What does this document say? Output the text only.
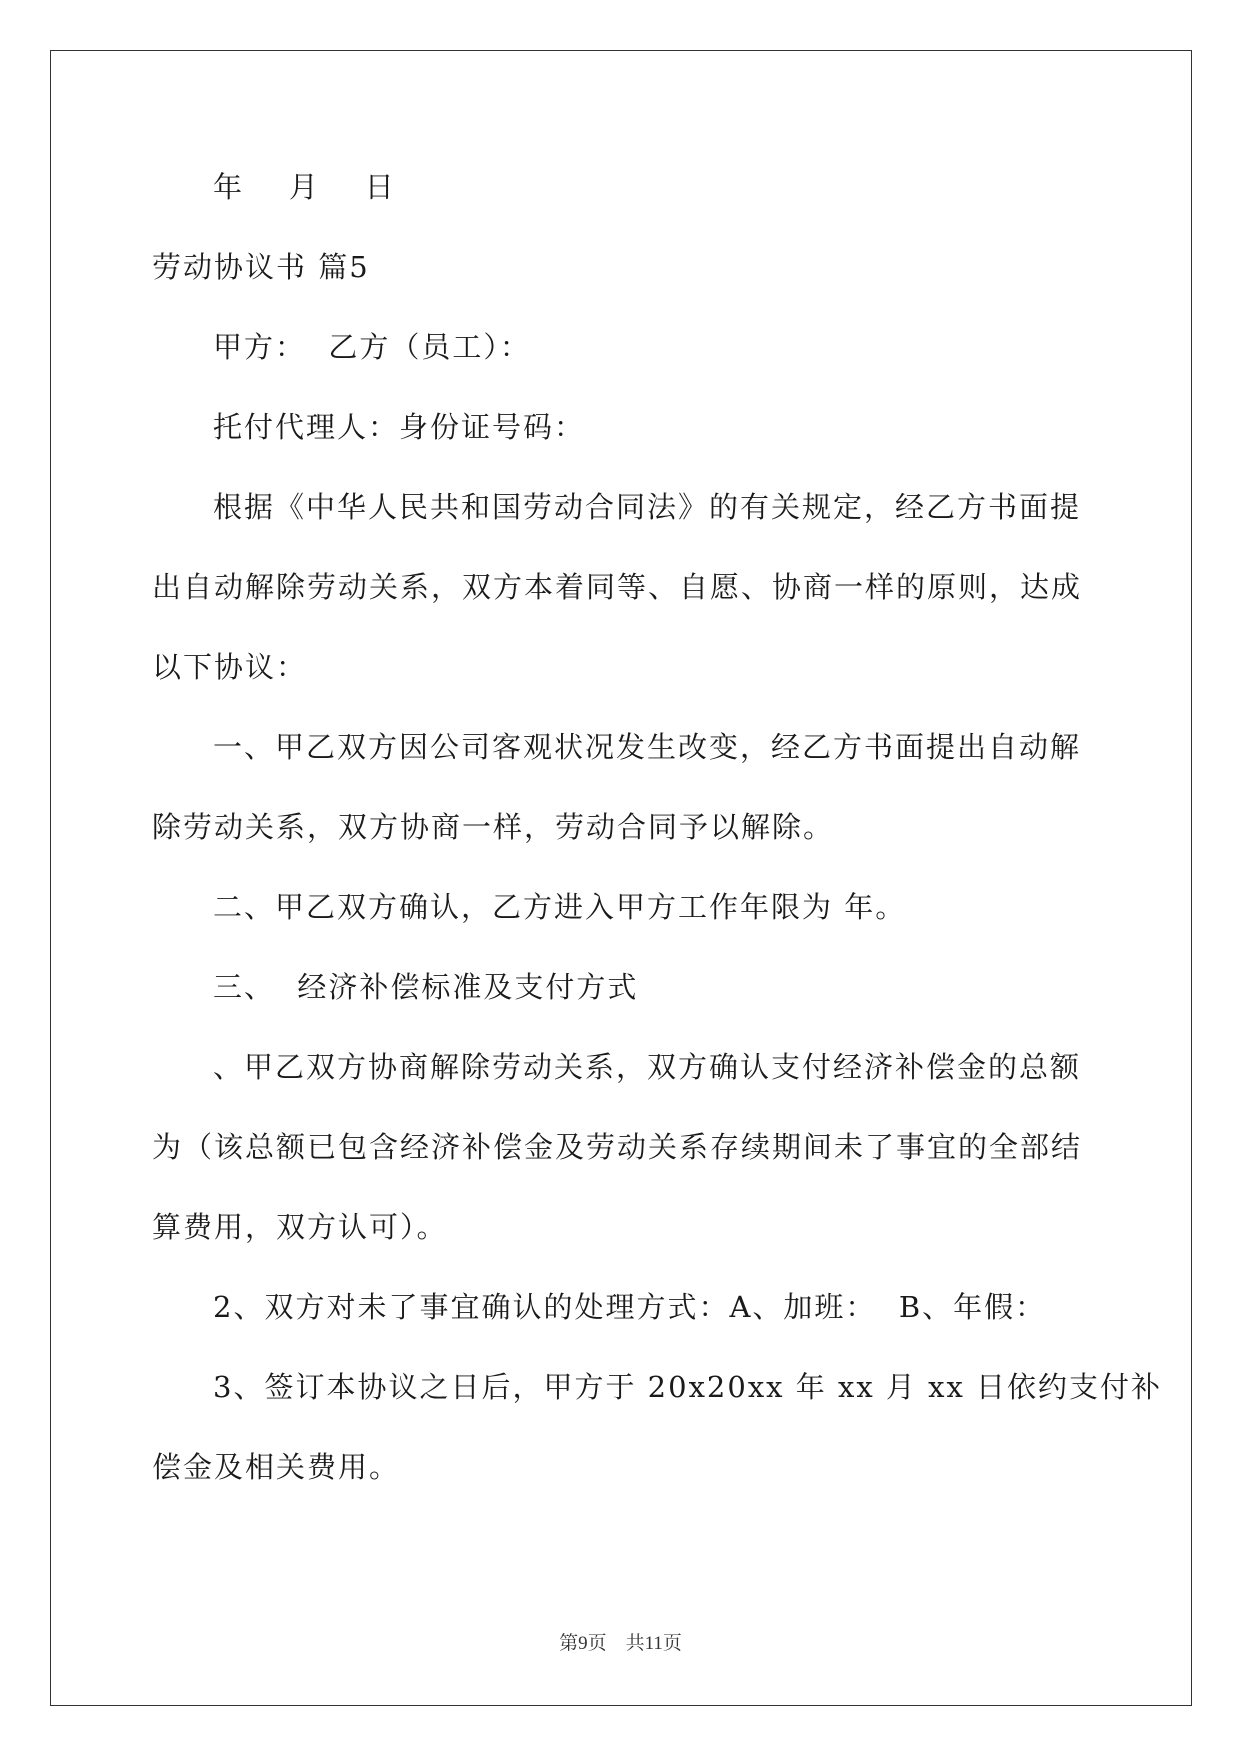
年    月    日
劳动协议书 篇5
甲方：  乙方（员工）：
托付代理人：身份证号码：
根据《中华人民共和国劳动合同法》的有关规定，经乙方书面提
出自动解除劳动关系，双方本着同等、自愿、协商一样的原则，达成
以下协议：
一、甲乙双方因公司客观状况发生改变，经乙方书面提出自动解
除劳动关系，双方协商一样，劳动合同予以解除。
二、甲乙双方确认，乙方进入甲方工作年限为 年。
三、  经济补偿标准及支付方式
、甲乙双方协商解除劳动关系，双方确认支付经济补偿金的总额
为（该总额已包含经济补偿金及劳动关系存续期间未了事宜的全部结
算费用，双方认可）。
2、双方对未了事宜确认的处理方式：A、加班：  B、年假：
3、签订本协议之日后，甲方于 20x20xx 年 xx 月 xx 日依约支付补
偿金及相关费用。
第9页 共11页
